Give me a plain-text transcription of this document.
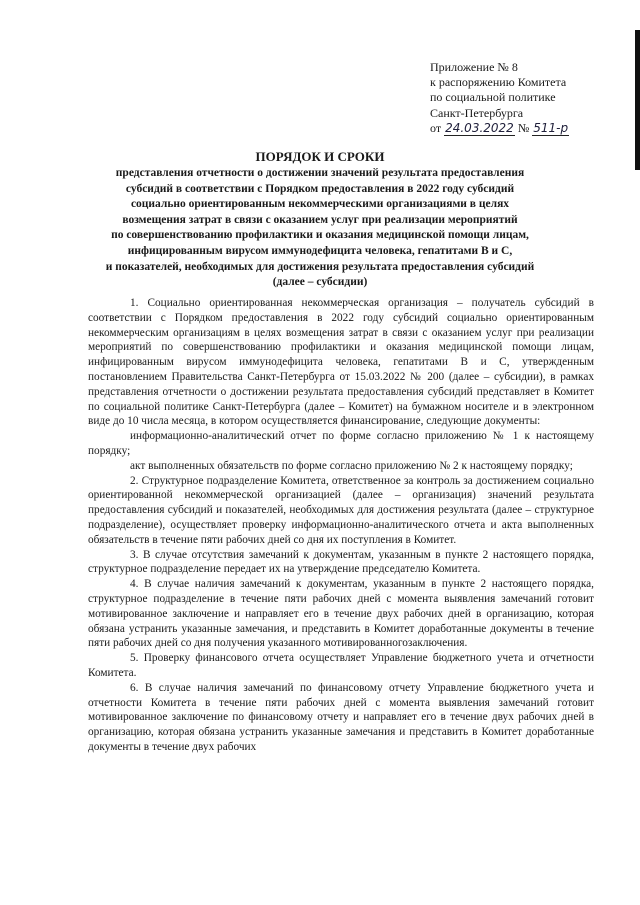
Приложение № 8
к распоряжению Комитета
по социальной политике
Санкт-Петербурга
от 24.03.2022 № 511-р
ПОРЯДОК И СРОКИ
представления отчетности о достижении значений результата предоставления
субсидий в соответствии с Порядком предоставления в 2022 году субсидий
социально ориентированным некоммерческими организациями в целях
возмещения затрат в связи с оказанием услуг при реализации мероприятий
по совершенствованию профилактики и оказания медицинской помощи лицам,
инфицированным вирусом иммунодефицита человека, гепатитами В и С,
и показателей, необходимых для достижения результата предоставления субсидий
(далее – субсидии)

1. Социально ориентированная некоммерческая организация – получатель субсидий в соответствии с Порядком предоставления в 2022 году субсидий социально ориентированным некоммерческим организациям в целях возмещения затрат в связи с оказанием услуг при реализации мероприятий по совершенствованию профилактики и оказания медицинской помощи лицам, инфицированным вирусом иммунодефицита человека, гепатитами В и С, утвержденным постановлением Правительства Санкт-Петербурга от 15.03.2022 № 200 (далее – субсидии), в рамках представления отчетности о достижении результата предоставления субсидий представляет в Комитет по социальной политике Санкт-Петербурга (далее – Комитет) на бумажном носителе и в электронном виде до 10 числа месяца, в котором осуществляется финансирование, следующие документы:

информационно-аналитический отчет по форме согласно приложению № 1 к настоящему порядку;

акт выполненных обязательств по форме согласно приложению № 2 к настоящему порядку;

2. Структурное подразделение Комитета, ответственное за контроль за достижением социально ориентированной некоммерческой организацией (далее – организация) значений результата предоставления субсидий и показателей, необходимых для достижения результата (далее – структурное подразделение), осуществляет проверку информационно-аналитического отчета и акта выполненных обязательств в течение пяти рабочих дней со дня их поступления в Комитет.

3. В случае отсутствия замечаний к документам, указанным в пункте 2 настоящего порядка, структурное подразделение передает их на утверждение председателю Комитета.

4. В случае наличия замечаний к документам, указанным в пункте 2 настоящего порядка, структурное подразделение в течение пяти рабочих дней с момента выявления замечаний готовит мотивированное заключение и направляет его в течение двух рабочих дней в организацию, которая обязана устранить указанные замечания, и представить в Комитет доработанные документы в течение пяти рабочих дней со дня получения указанного мотивированногозаключения.

5. Проверку финансового отчета осуществляет Управление бюджетного учета и отчетности Комитета.

6. В случае наличия замечаний по финансовому отчету Управление бюджетного учета и отчетности Комитета в течение пяти рабочих дней с момента выявления замечаний готовит мотивированное заключение по финансовому отчету и направляет его в течение двух рабочих дней в организацию, которая обязана устранить указанные замечания и представить в Комитет доработанные документы в течение двух рабочих
